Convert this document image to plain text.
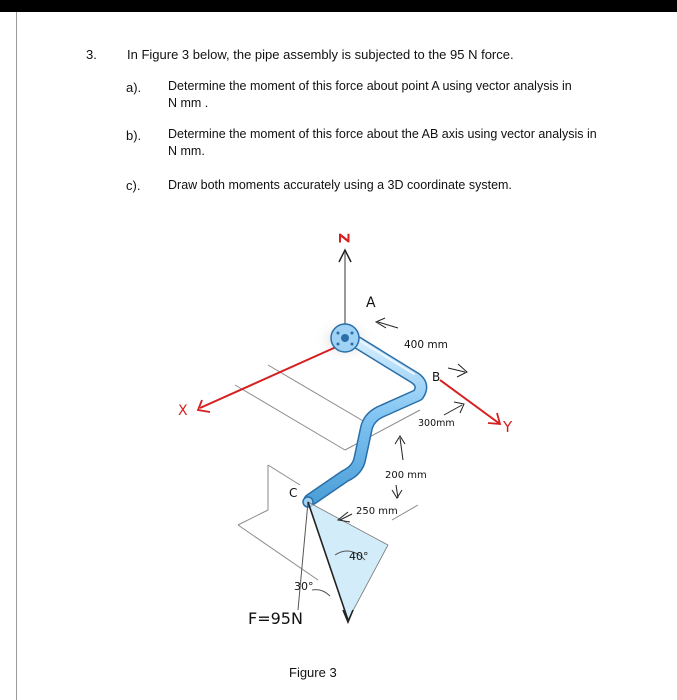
3. In Figure 3 below, the pipe assembly is subjected to the 95 N force.
a). Determine the moment of this force about point A using vector analysis in
N mm .
b). Determine the moment of this force about the AB axis using vector analysis in
N mm.
c). Draw both moments accurately using a 3D coordinate system.
Z
X
Y
A
B
C
400 mm
300mm
200 mm
250 mm
40°
30°
F=95N
Figure 3
